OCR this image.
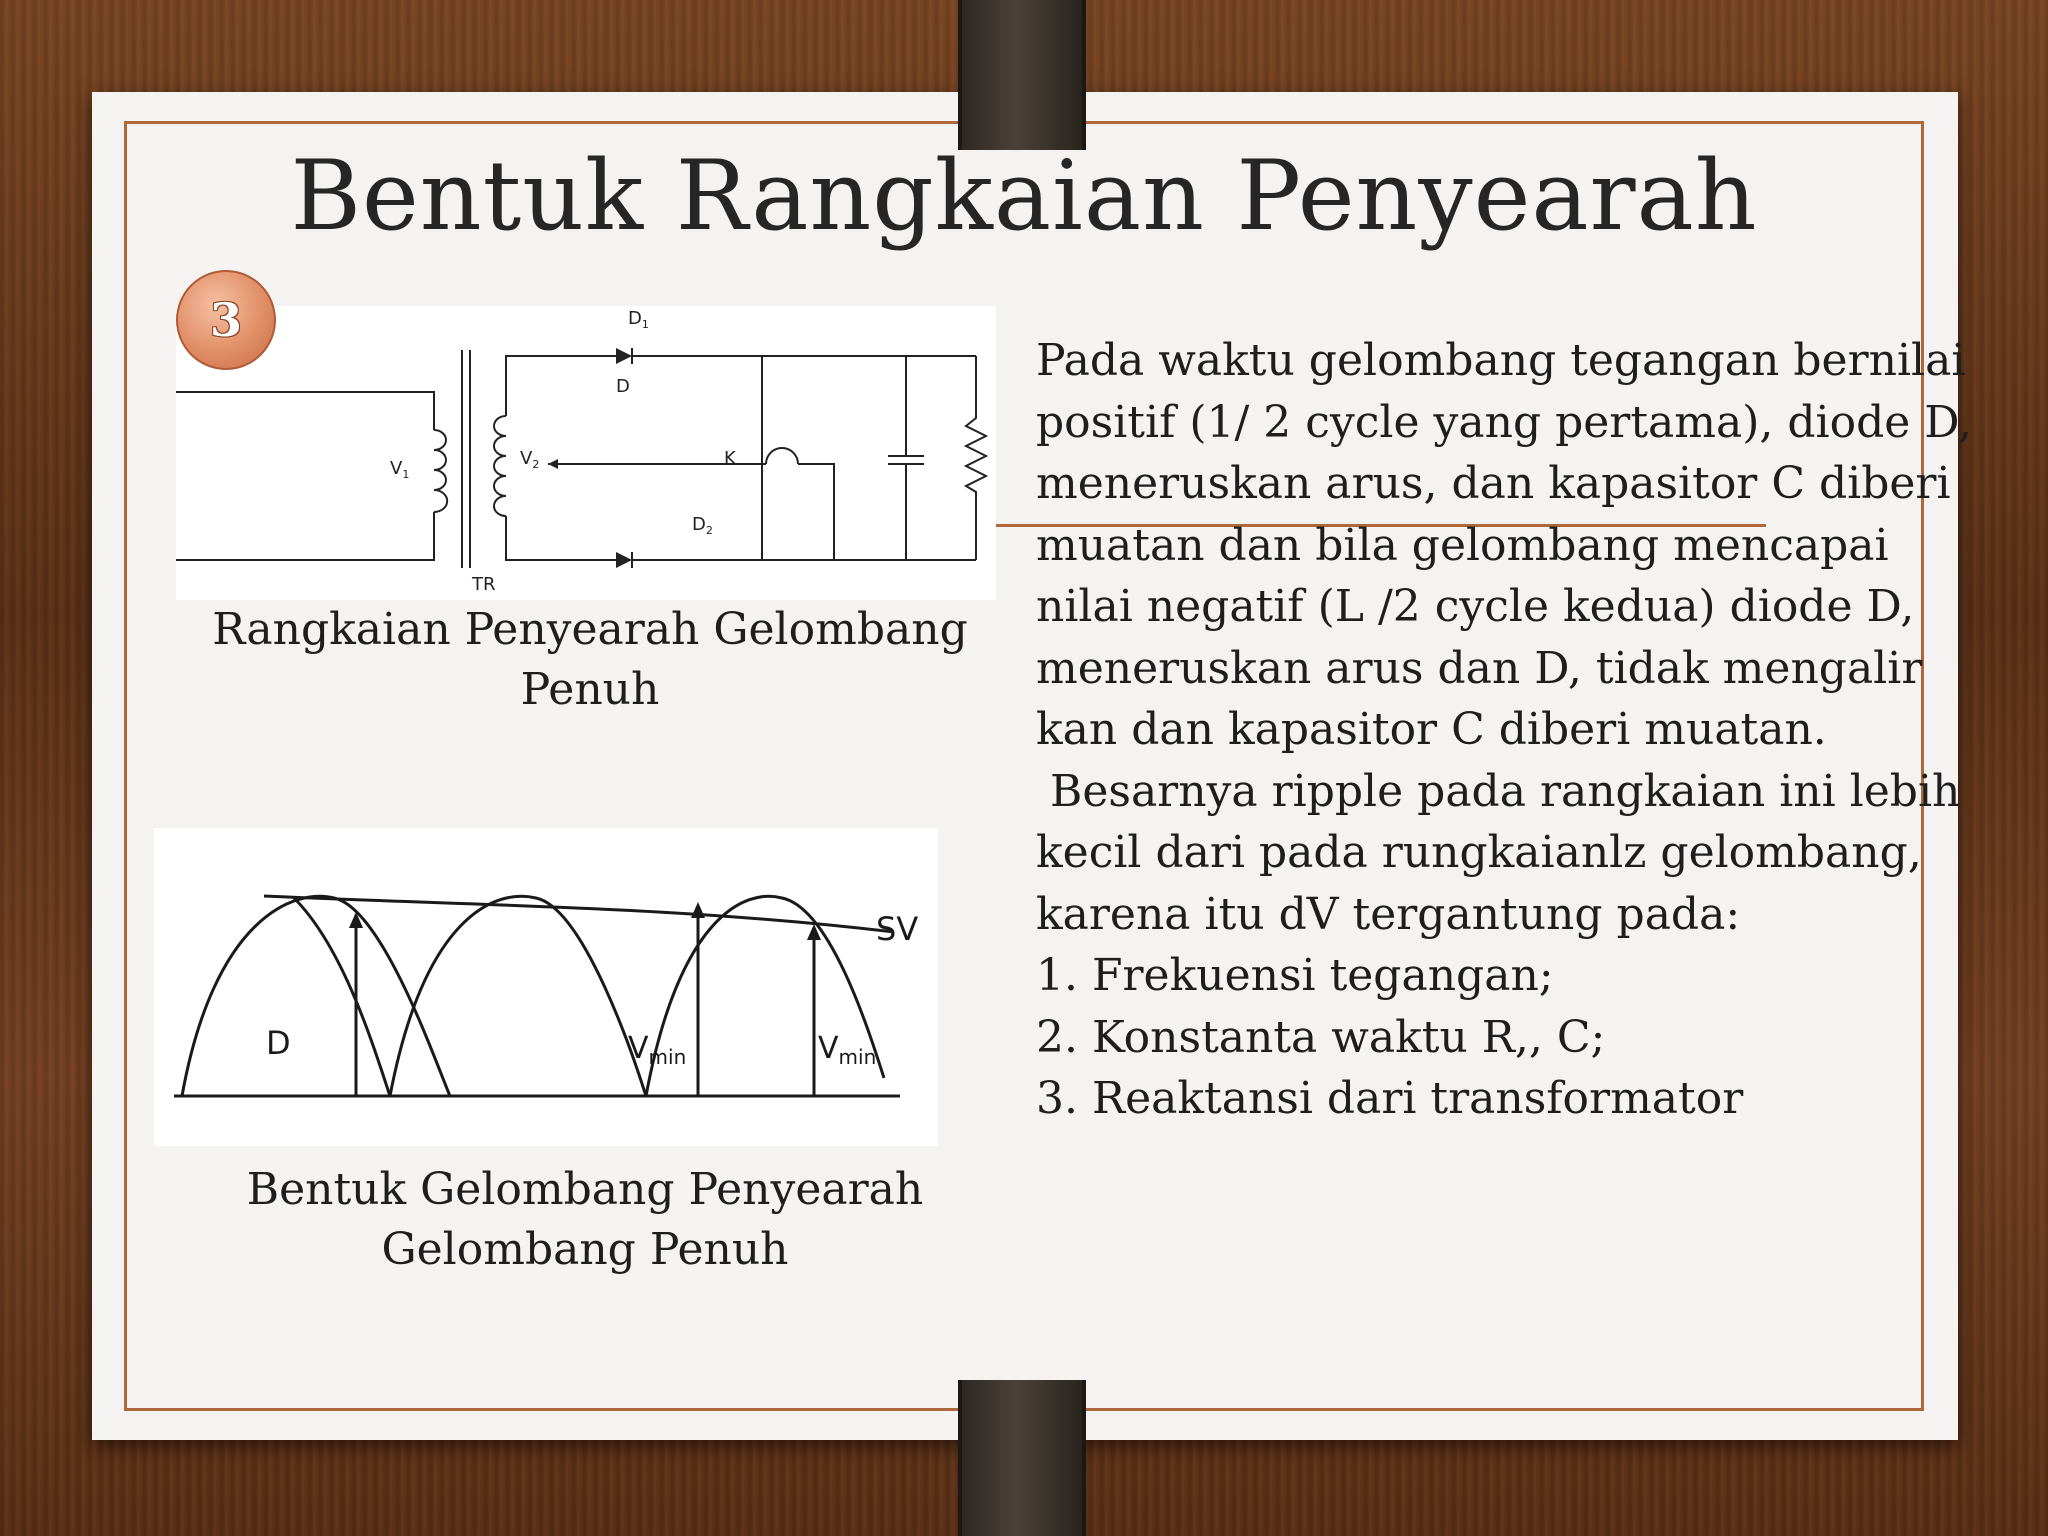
Bentuk Rangkaian Penyearah
$D_1$
D
$D_2$
$V_1$
$V_2$	K
TR
Rangkaian Penyearah Gelombang Penuh
3
SV
D	$V_{min}$	$V_{min}$
Bentuk Gelombang Penyearah Gelombang Penuh

Pada waktu gelombang tegangan bernilai

positif (1/ 2 cycle yang pertama), diode D,

meneruskan arus, dan kapasitor C diberi

muatan dan bila gelombang mencapai

nilai negatif (L /2 cycle kedua) diode D,

meneruskan arus dan D, tidak mengalir

kan dan kapasitor C diberi muatan.

Besarnya ripple pada rangkaian ini lebih

kecil dari pada rungkaianlz gelombang,

karena itu dV tergantung pada:

1. Frekuensi tegangan;

2. Konstanta waktu R,, C;

3. Reaktansi dari transformator
